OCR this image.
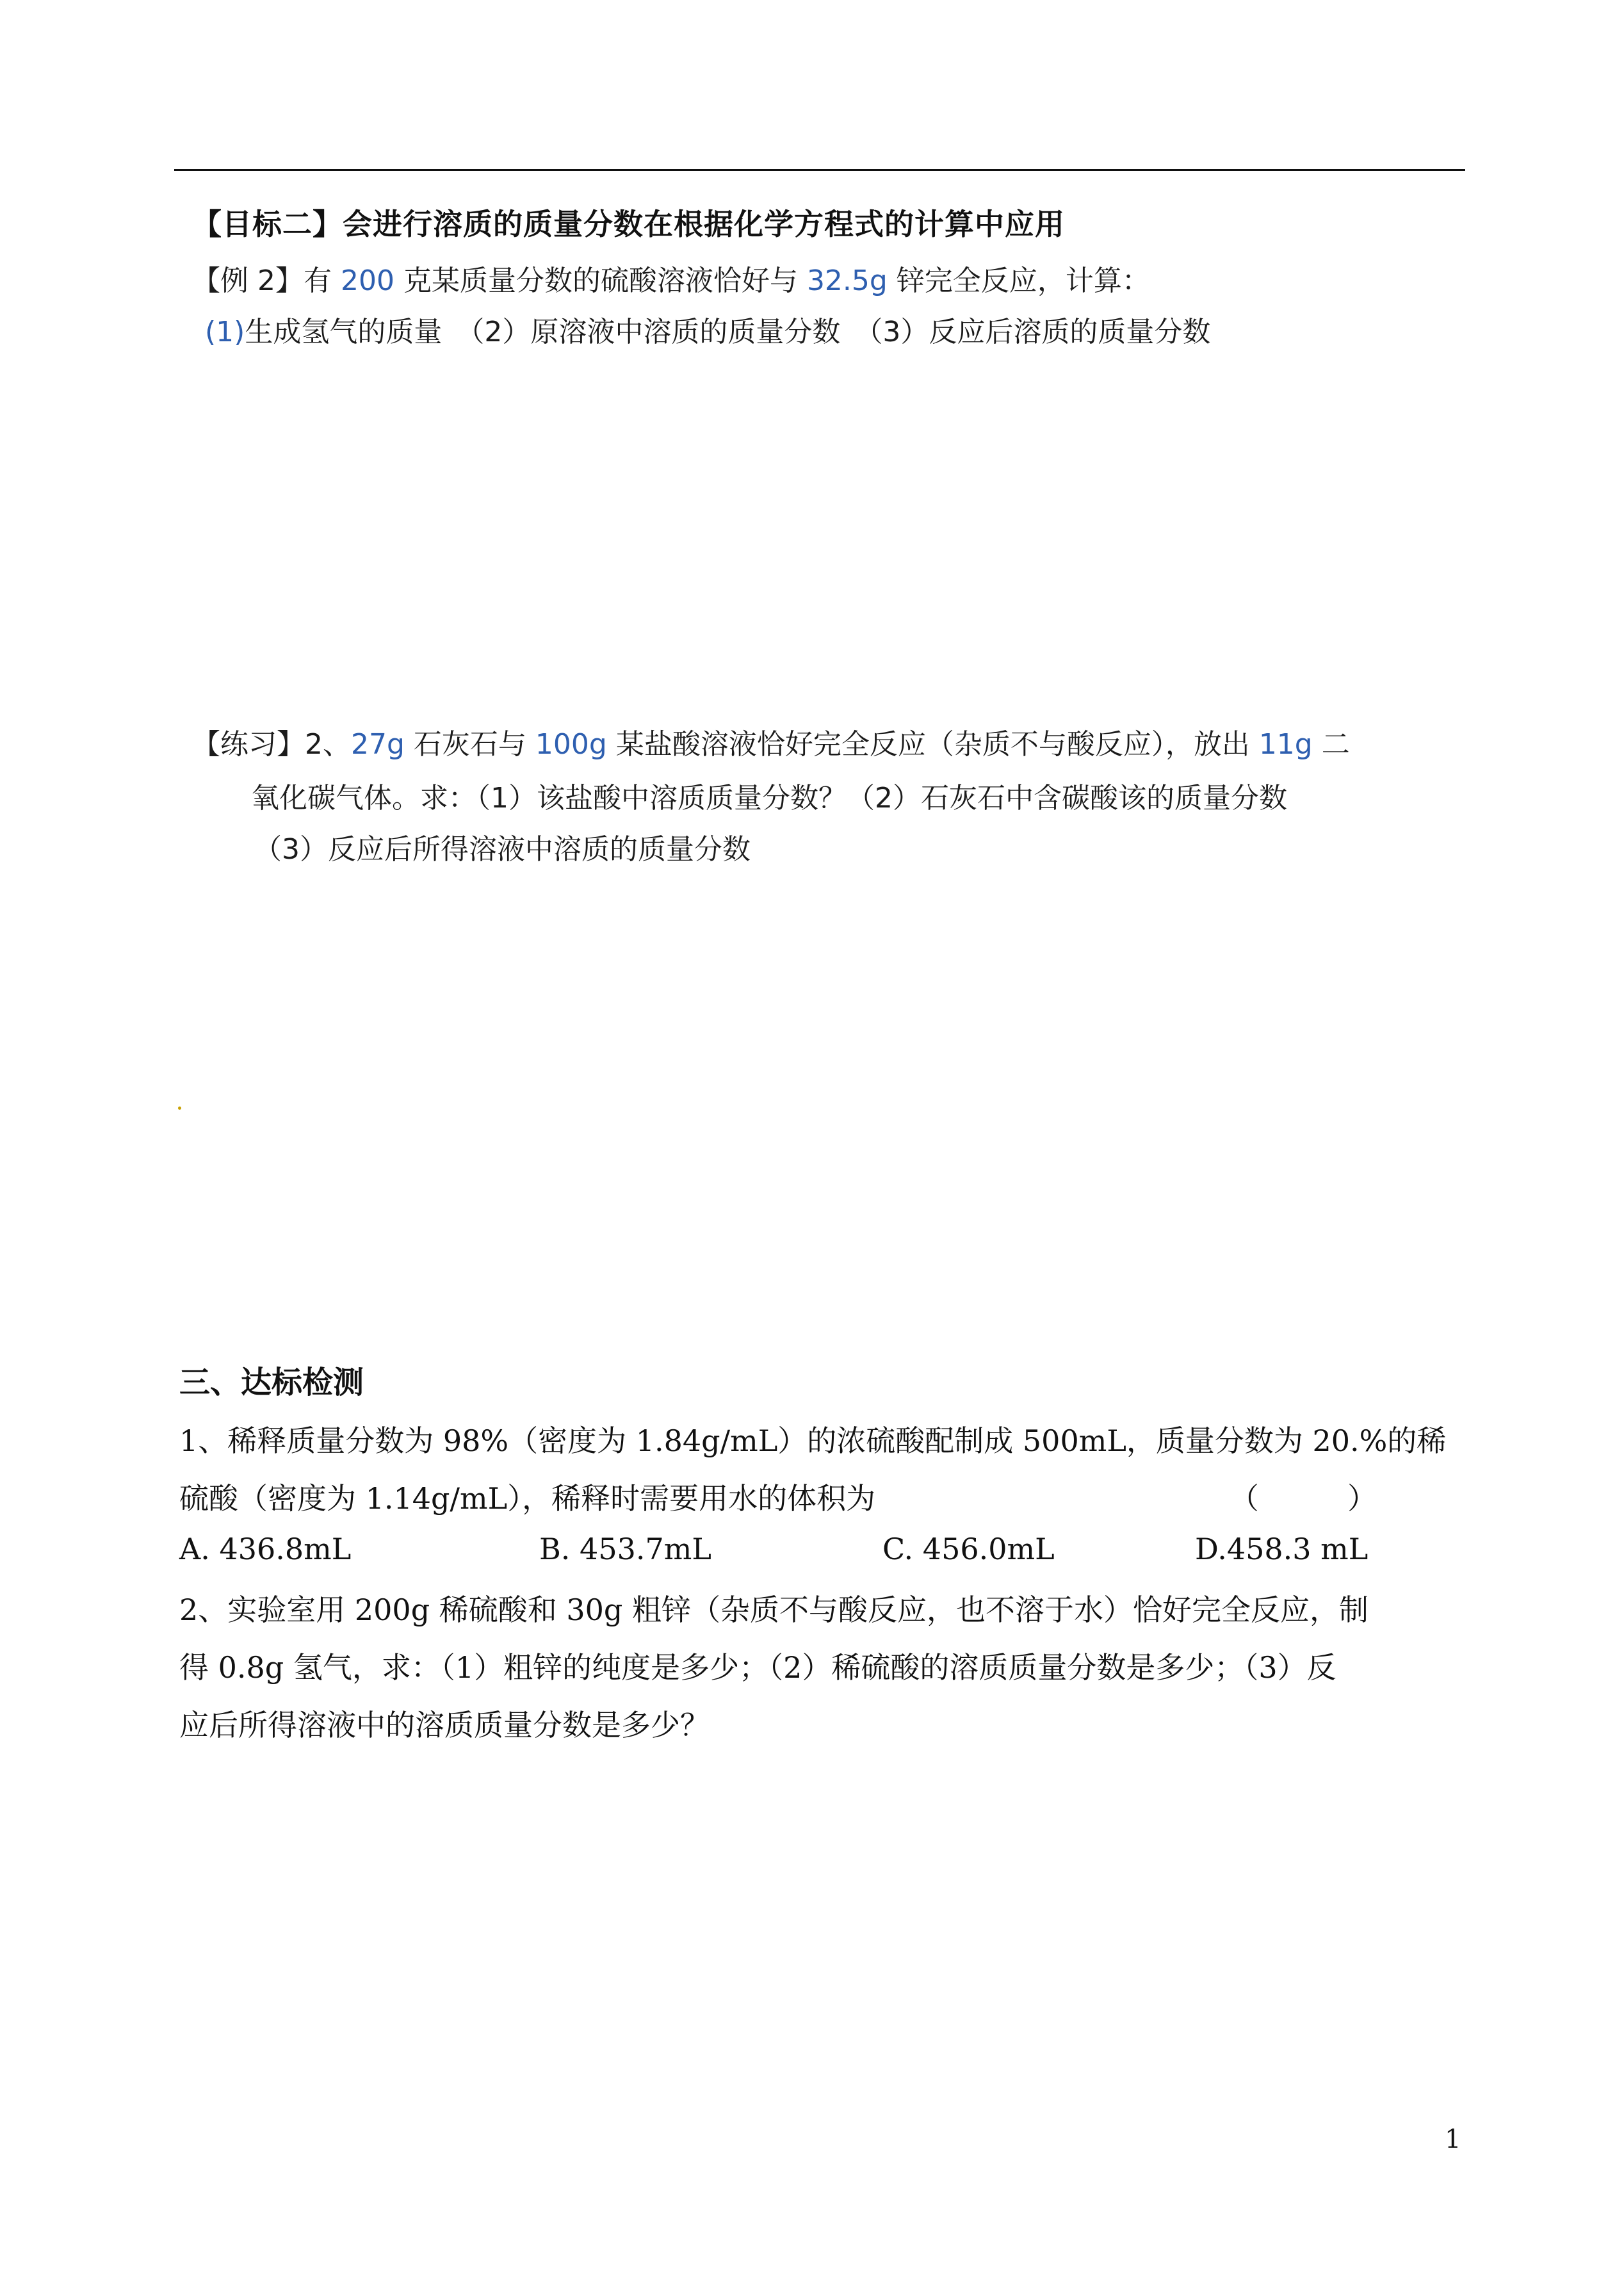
【目标二】会进行溶质的质量分数在根据化学方程式的计算中应用
【例 2】有 200 克某质量分数的硫酸溶液恰好与 32.5g 锌完全反应，计算：
(1)生成氢气的质量　（2）原溶液中溶质的质量分数　（3）反应后溶质的质量分数
【练习】2、27g 石灰石与 100g 某盐酸溶液恰好完全反应（杂质不与酸反应），放出 11g 二
氧化碳气体。求：（1）该盐酸中溶质质量分数？（2）石灰石中含碳酸该的质量分数
（3）反应后所得溶液中溶质的质量分数
三、达标检测
1、稀释质量分数为 98%（密度为 1.84g/mL）的浓硫酸配制成 500mL，质量分数为 20.%的稀
硫酸（密度为 1.14g/mL），稀释时需要用水的体积为	（　　　）
A. 436.8mL	B. 453.7mL	C. 456.0mL	D.458.3 mL
2、实验室用 200g 稀硫酸和 30g 粗锌（杂质不与酸反应，也不溶于水）恰好完全反应，制
得 0.8g 氢气，求：（1）粗锌的纯度是多少；（2）稀硫酸的溶质质量分数是多少；（3）反
应后所得溶液中的溶质质量分数是多少？
1
